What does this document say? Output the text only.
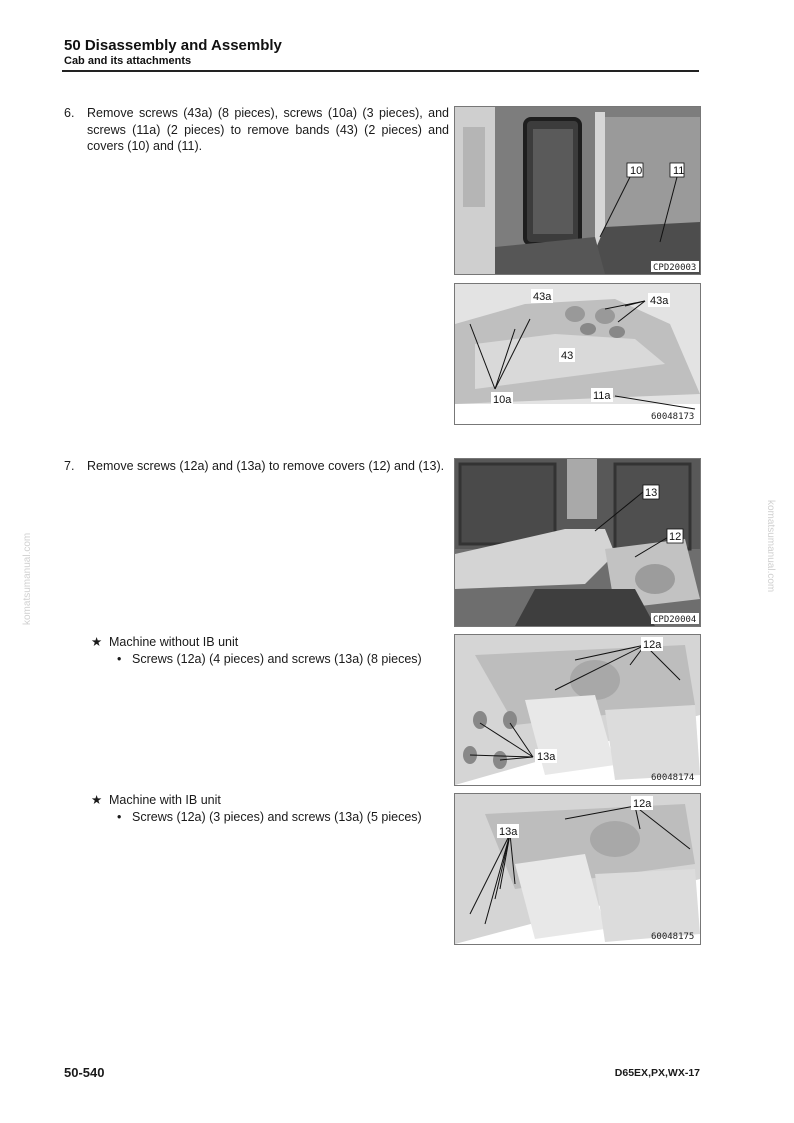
50 Disassembly and Assembly
Cab and its attachments
6. Remove screws (43a) (8 pieces), screws (10a) (3 pieces), and screws (11a) (2 pieces) to remove bands (43) (2 pieces) and covers (10) and (11).
7. Remove screws (12a) and (13a) to remove covers (12) and (13).
★ Machine without IB unit
• Screws (12a) (4 pieces) and screws (13a) (8 pieces)
★ Machine with IB unit
• Screws (12a) (3 pieces) and screws (13a) (5 pieces)
10	11
CPD20003
43a	43a
43
10a	11a
60048173
13
12
CPD20004
12a
13a
60048174
12a
13a
60048175
komatsumanual.com	komatsumanual.com
50-540	D65EX,PX,WX-17
